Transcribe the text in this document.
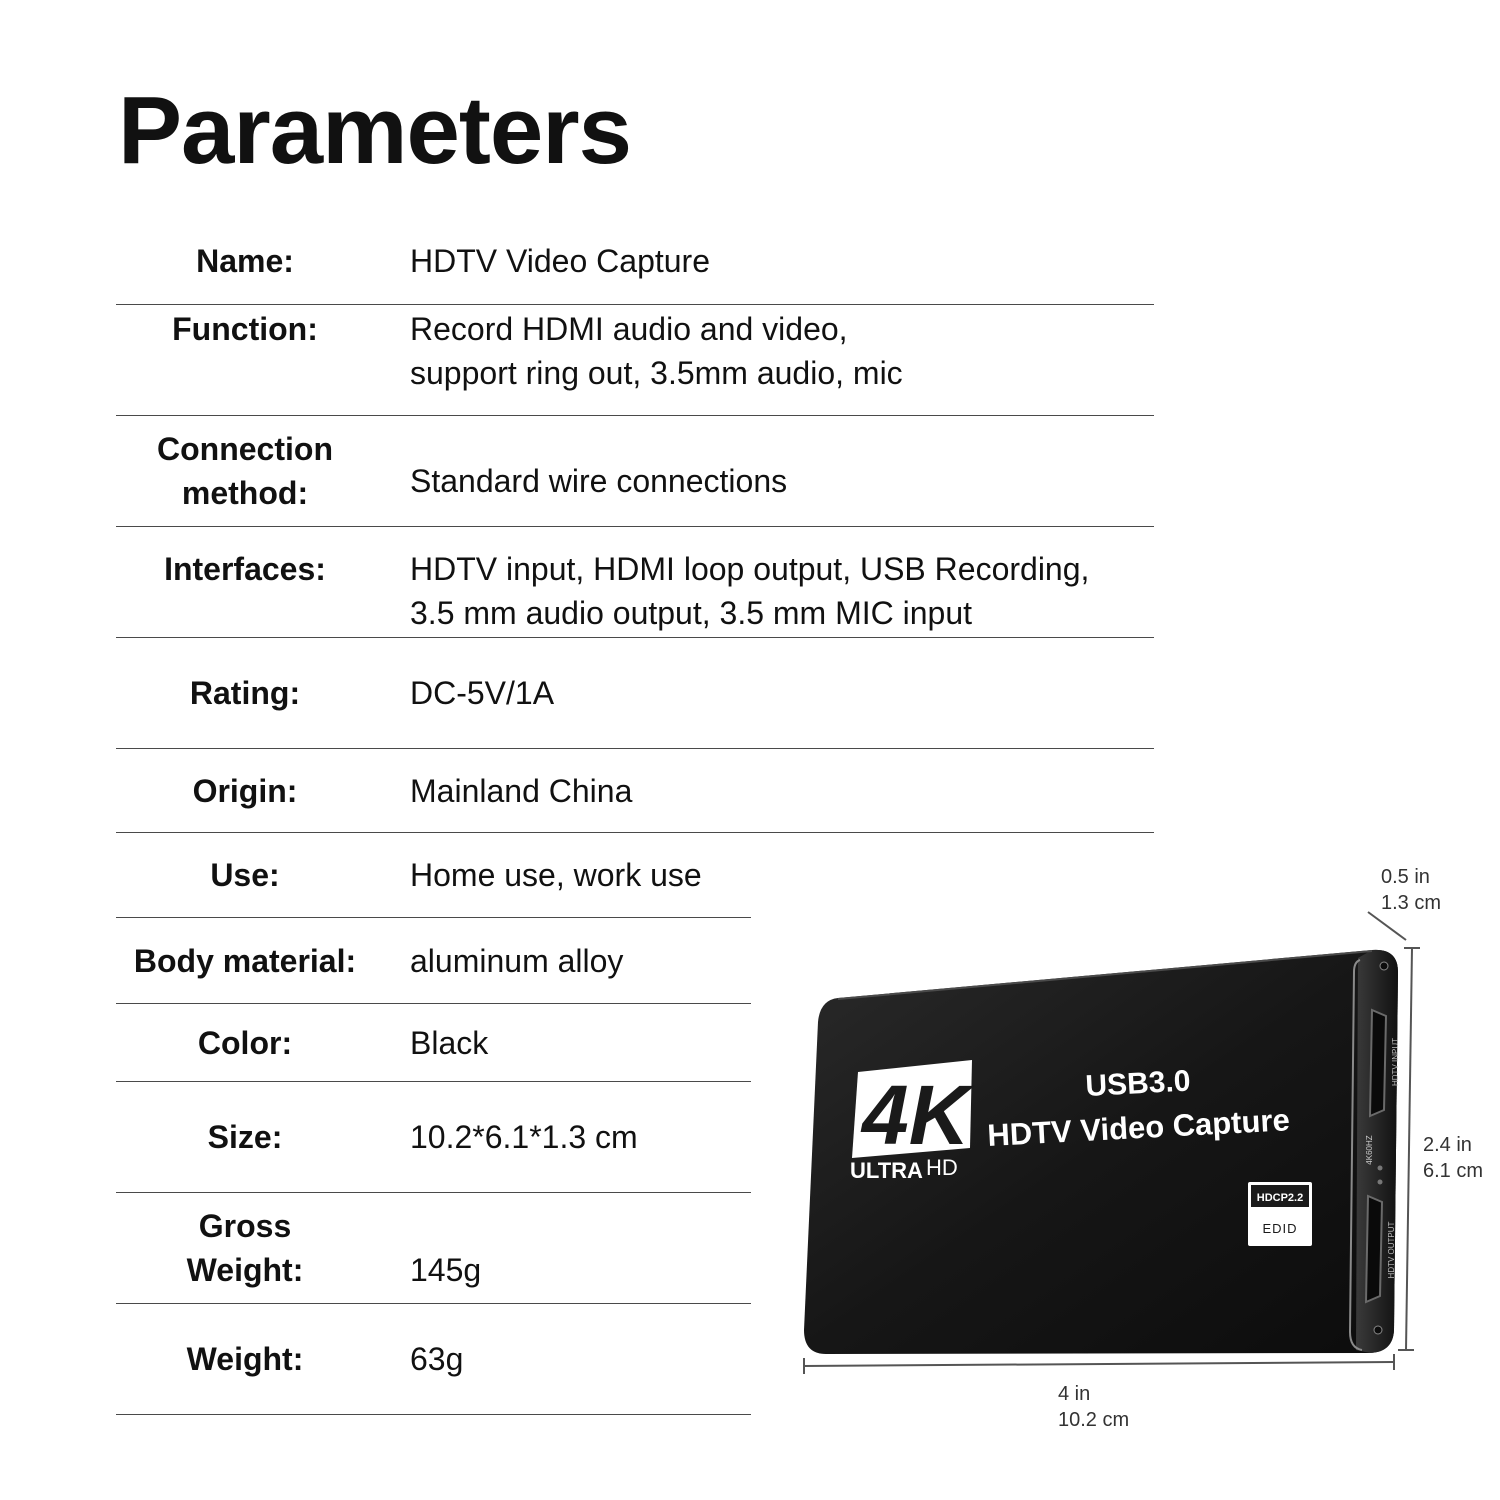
Parameters
Name:	HDTV Video Capture
Function:	Record HDMI audio and video,
support ring out, 3.5mm audio, mic
Connection
method:	Standard wire connections
Interfaces:	HDTV input, HDMI loop output, USB Recording,
3.5 mm audio output, 3.5 mm MIC input
Rating:	DC-5V/1A
Origin:	Mainland China
Use:	Home use, work use
Body material:	aluminum alloy
Color:	Black
Size:	10.2*6.1*1.3 cm
Gross
Weight:	145g
Weight:	63g
4K
ULTRA HD
USB3.0
HDTV Video Capture
HDCP2.2
EDID
HDTV INPUT
HDTV OUTPUT
4K60HZ
0.5 in
1.3 cm
2.4 in
6.1 cm
4 in
10.2 cm
